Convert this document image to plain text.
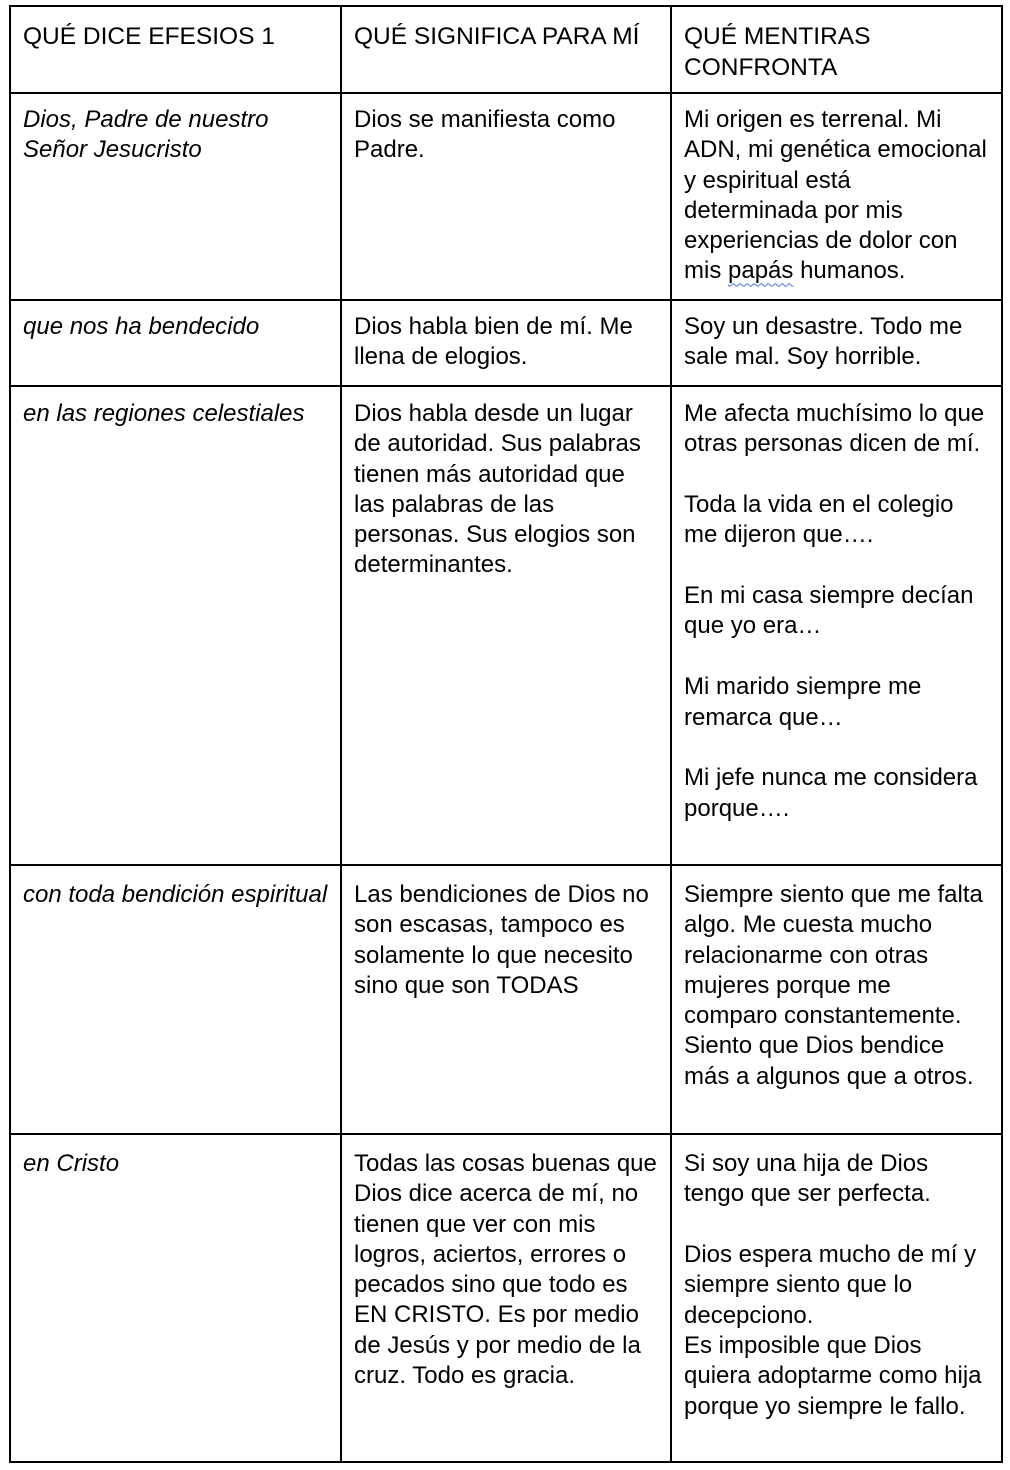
QUÉ DICE EFESIOS 1	QUÉ SIGNIFICA PARA MÍ	QUÉ MENTIRAS CONFRONTA
Dios, Padre de nuestro Señor Jesucristo	Dios se manifiesta como Padre.	Mi origen es terrenal. Mi ADN, mi genética emocional y espiritual está determinada por mis experiencias de dolor con mis papás humanos.
que nos ha bendecido	Dios habla bien de mí. Me llena de elogios.	Soy un desastre. Todo me sale mal. Soy horrible.

en las regiones celestiales	Dios habla desde un lugar de autoridad. Sus palabras tienen más autoridad que las palabras de las personas. Sus elogios son determinantes.	Me afecta muchísimo lo que otras personas dicen de mí.
Toda la vida en el colegio me dijeron que….
En mi casa siempre decían que yo era…
Mi marido siempre me remarca que…
Mi jefe nunca me considera porque….

con toda bendición espiritual	Las bendiciones de Dios no son escasas, tampoco es solamente lo que necesito sino que son TODAS	Siempre siento que me falta algo. Me cuesta mucho relacionarme con otras mujeres porque me comparo constantemente. Siento que Dios bendice más a algunos que a otros.

en Cristo	Todas las cosas buenas que Dios dice acerca de mí, no tienen que ver con mis logros, aciertos, errores o pecados sino que todo es EN CRISTO. Es por medio de Jesús y por medio de la cruz. Todo es gracia.

Si soy una hija de Dios tengo que ser perfecta.
Dios espera mucho de mí y siempre siento que lo decepciono.
Es imposible que Dios quiera adoptarme como hija porque yo siempre le fallo.
